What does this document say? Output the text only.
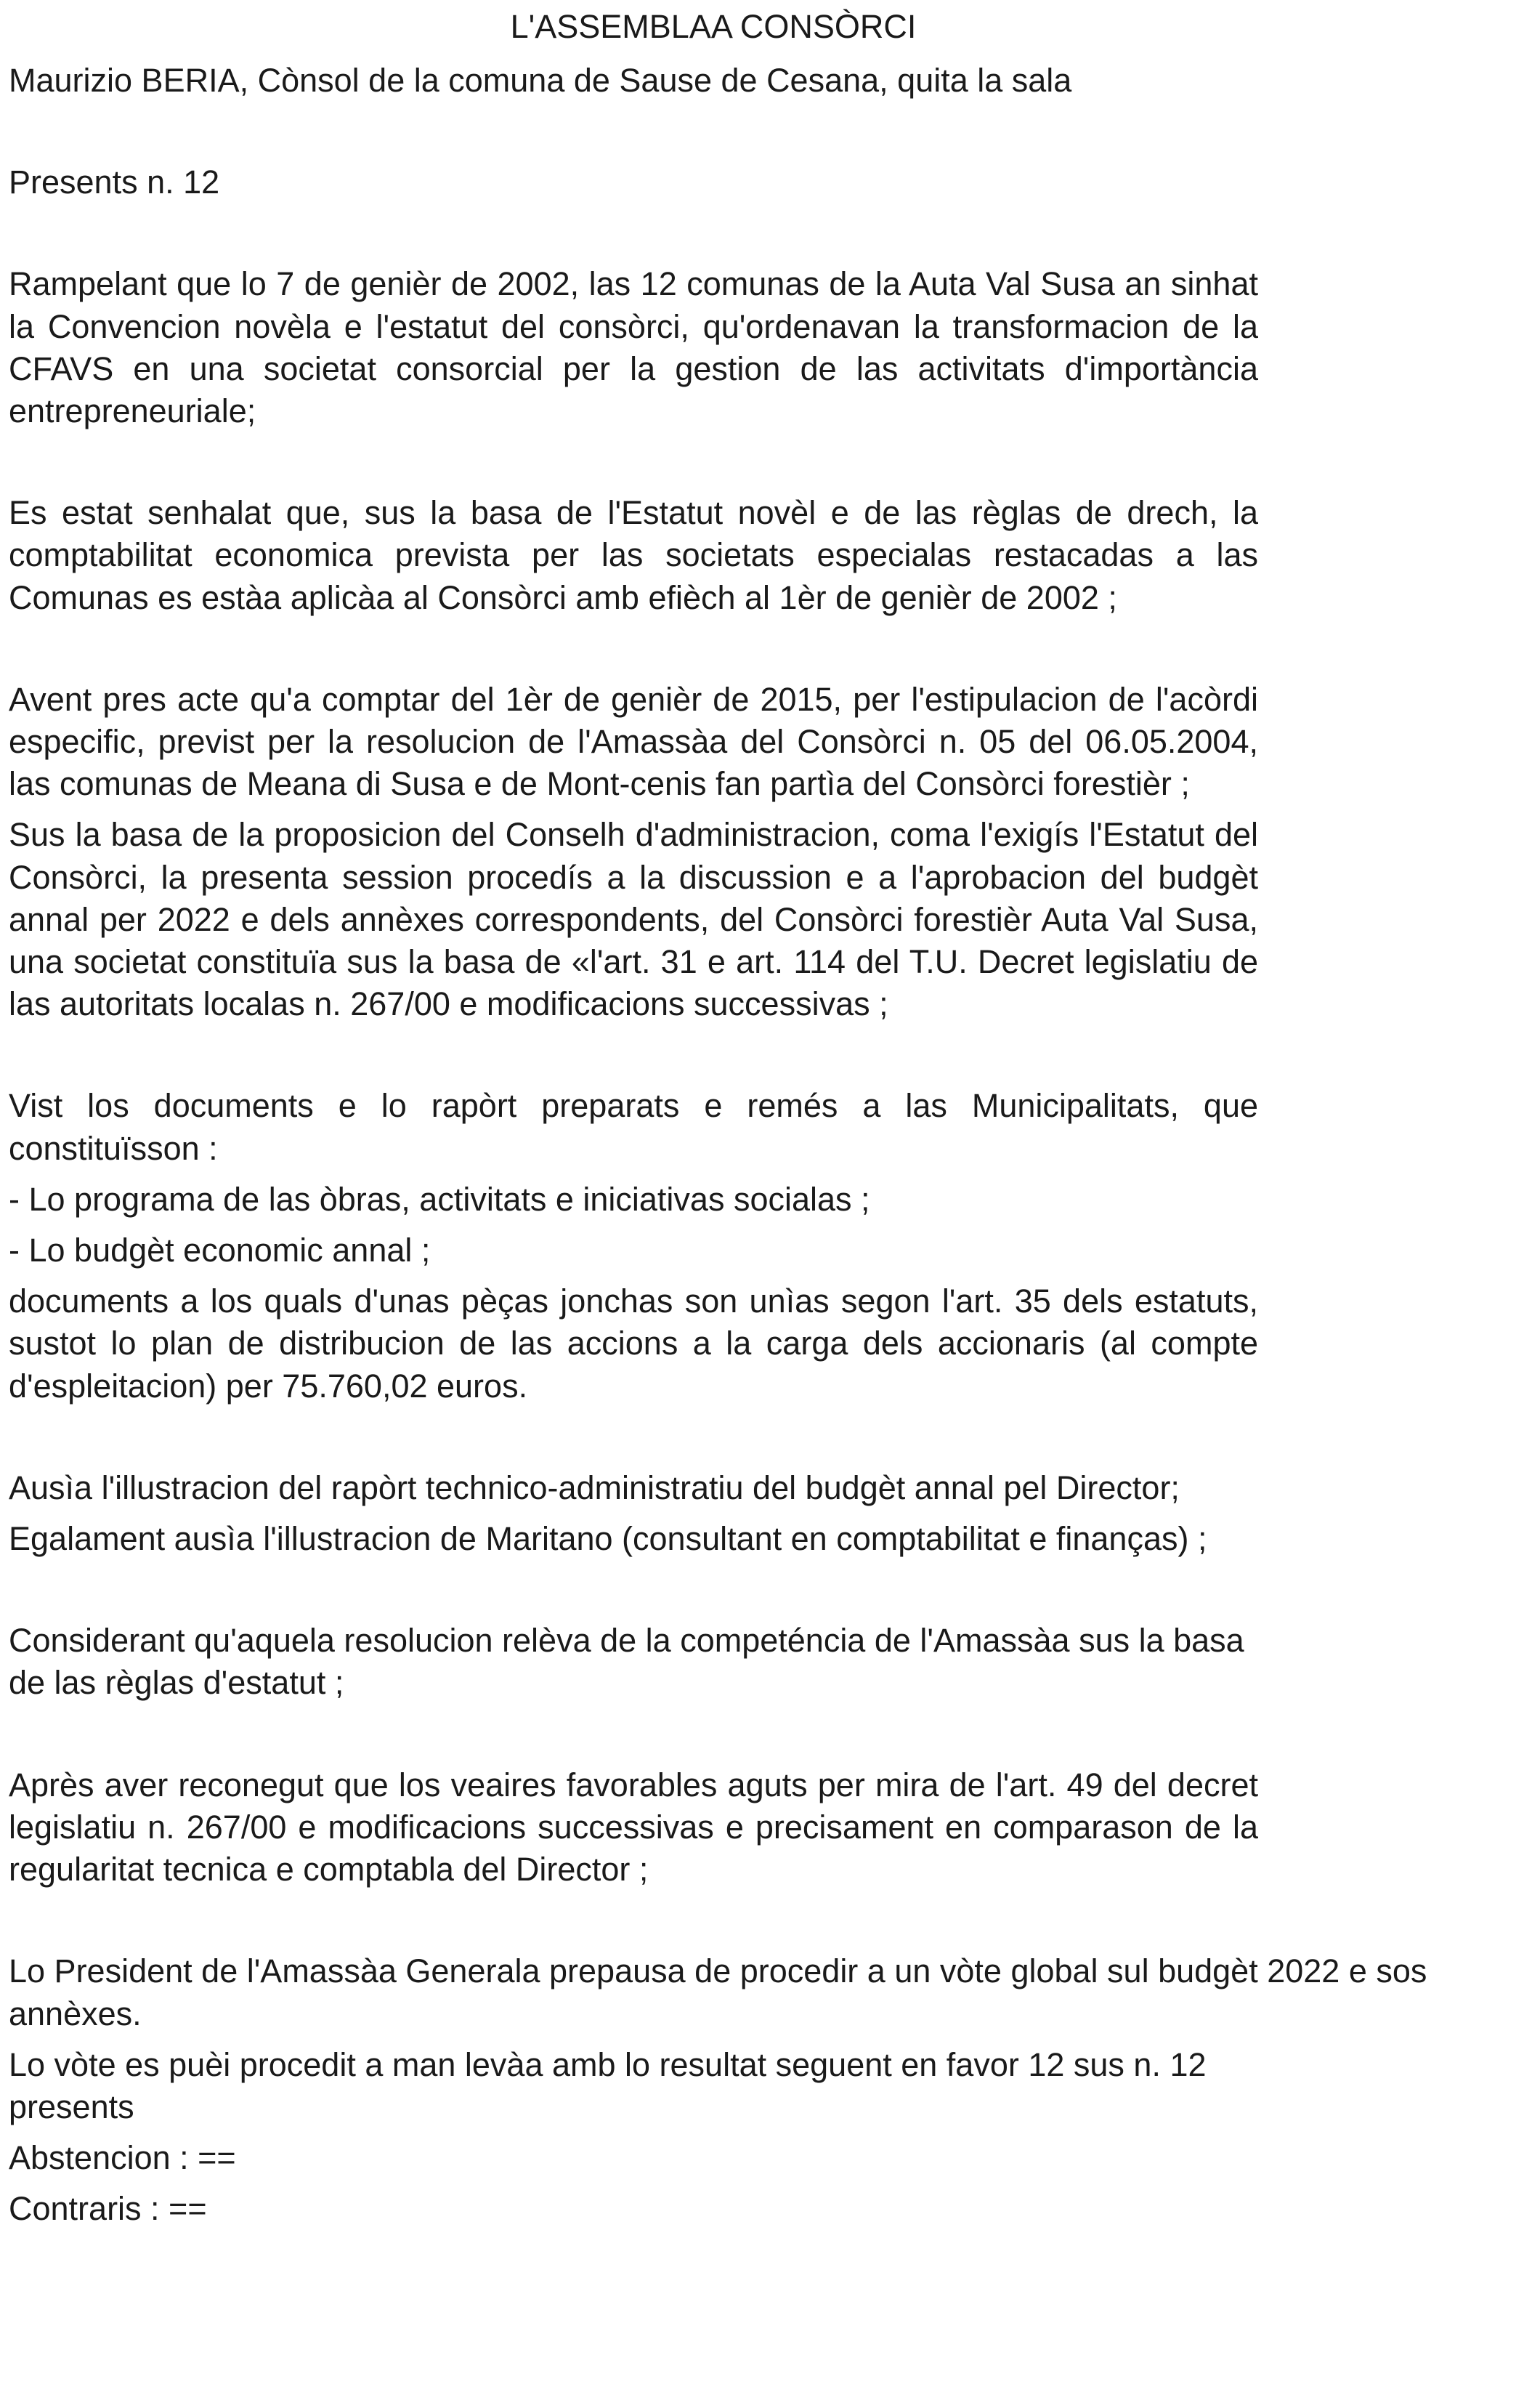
L'ASSEMBLAA CONSÒRCI

Maurizio BERIA, Cònsol de la comuna de Sause de Cesana, quita la sala

Presents n. 12

Rampelant que lo 7 de genièr de 2002, las 12 comunas de la Auta Val Susa an sinhat la Convencion novèla e l'estatut del consòrci, qu'ordenavan la transformacion de la CFAVS en una societat consorcial per la gestion de las activitats d'importància entrepreneuriale;

Es estat senhalat que, sus la basa de l'Estatut novèl e de las règlas de drech, la comptabilitat economica prevista per las societats especialas restacadas a las Comunas es estàa aplicàa al Consòrci amb efièch al 1èr de genièr de 2002 ;

Avent pres acte qu'a comptar del 1èr de genièr de 2015, per l'estipulacion de l'acòrdi especific, previst per la resolucion de l'Amassàa del Consòrci n. 05 del 06.05.2004, las comunas de Meana di Susa e de Mont-cenis fan partìa del Consòrci forestièr ;

Sus la basa de la proposicion del Conselh d'administracion, coma l'exigís l'Estatut del Consòrci, la presenta session procedís a la discussion e a l'aprobacion del budgèt annal per 2022 e dels annèxes correspondents, del Consòrci forestièr Auta Val Susa, una societat constituïa sus la basa de «l'art. 31 e art. 114 del T.U. Decret legislatiu de las autoritats localas n. 267/00 e modificacions successivas ;

Vist los documents e lo rapòrt preparats e remés a las Municipalitats, que constituïsson :

- Lo programa de las òbras, activitats e iniciativas socialas ;

- Lo budgèt economic annal ;

documents a los quals d'unas pèças jonchas son unìas segon l'art. 35 dels estatuts, sustot lo plan de distribucion de las accions a la carga dels accionaris (al compte d'espleitacion) per 75.760,02 euros.

Ausìa l'illustracion del rapòrt technico-administratiu del budgèt annal pel Director;

Egalament ausìa l'illustracion de Maritano (consultant en comptabilitat e finanças) ;

Considerant qu'aquela resolucion relèva de la competéncia de l'Amassàa sus la basa de las règlas d'estatut ;

Après aver reconegut que los veaires favorables aguts per mira de l'art. 49 del decret legislatiu n. 267/00 e modificacions successivas e precisament en comparason de la regularitat tecnica e comptabla del Director ;

Lo President de l'Amassàa Generala prepausa de procedir a un vòte global sul budgèt 2022 e sos annèxes.

Lo vòte es puèi procedit a man levàa amb lo resultat seguent en favor 12 sus n. 12 presents

Abstencion : ==

Contraris : ==
